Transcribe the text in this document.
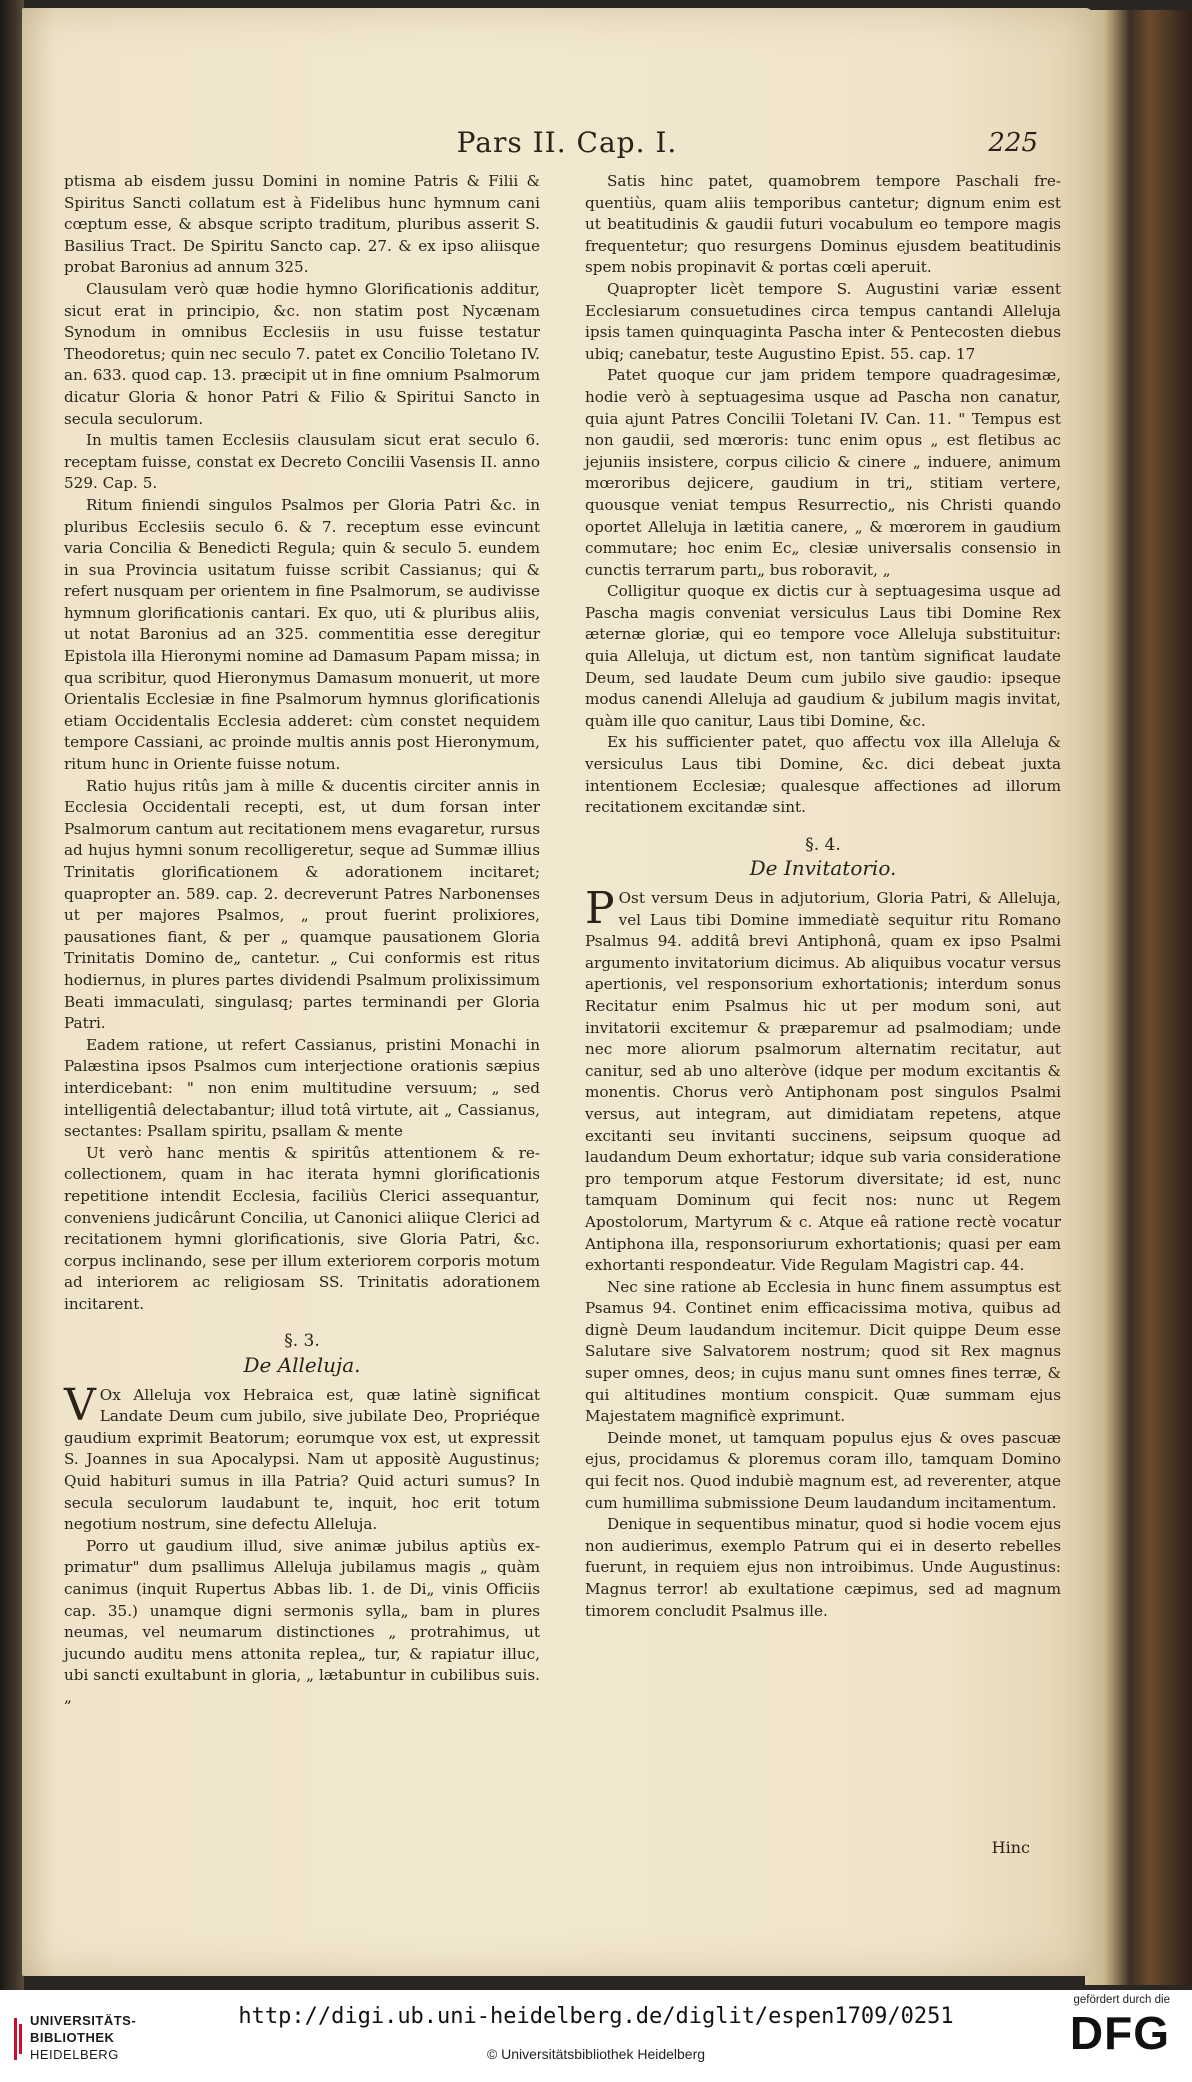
Pars II. Cap. I.	225

ptisma ab eisdem jussu Domini in nomine Patris & Filii & Spiritus Sancti collatum est à Fidelibus hunc hymnum cani cœptum esse, & absque scripto traditum, pluribus asserit S. Basilius Tract. De Spiritu Sancto cap. 27. & ex ipso aliisque probat Baronius ad annum 325.

Clausulam verò quæ hodie hymno Glorificationis additur, sicut erat in principio, &c. non statim post Nycænam Synodum in omnibus Ecclesiis in usu fuisse testatur Theodoretus; quin nec seculo 7. patet ex Concilio Toletano IV. an. 633. quod cap. 13. præcipit ut in fine omnium Psalmorum dicatur Gloria & honor Patri & Filio & Spiritui Sancto in secula seculorum.

In multis tamen Ecclesiis clausulam sicut erat seculo 6. receptam fuisse, constat ex Decreto Concilii Vasensis II. anno 529. Cap. 5.

Ritum finiendi singulos Psalmos per Gloria Patri &c. in pluribus Ecclesiis seculo 6. & 7. receptum esse evincunt varia Concilia & Benedicti Regula; quin & seculo 5. eundem in sua Provincia usitatum fuisse scribit Cassianus; qui & refert nusquam per orientem in fine Psalmorum, se audivisse hymnum glorificationis cantari. Ex quo, uti & pluribus aliis, ut notat Baronius ad an 325. commentitia esse deregitur Epistola illa Hieronymi nomine ad Damasum Papam missa; in qua scribitur, quod Hieronymus Damasum monuerit, ut more Orientalis Ecclesiæ in fine Psalmorum hymnus glorificationis etiam Occidentalis Ecclesia adderet: cùm constet nequidem tempore Cassiani, ac proinde multis annis post Hieronymum, ritum hunc in Oriente fuisse notum.

Ratio hujus ritûs jam à mille & ducentis circiter annis in Ecclesia Occidentali recepti, est, ut dum forsan inter Psalmorum cantum aut recitationem mens evagaretur, rursus ad hujus hymni sonum recolligeretur, seque ad Summæ illius Trinitatis glorificationem & adorationem incitaret; quapropter an. 589. cap. 2. decreverunt Patres Narbonenses ut per majores Psalmos, „ prout fuerint prolixiores, pausationes fiant, & per „ quamque pausationem Gloria Trinitatis Domino de„ cantetur. „ Cui conformis est ritus hodiernus, in plures partes dividendi Psalmum prolixissimum Beati immaculati, singulasq; partes terminandi per Gloria Patri.

Eadem ratione, ut refert Cassianus, pristini Monachi in Palæstina ipsos Psalmos cum interjectione orationis sæpius interdicebant: " non enim multitudine versuum; „ sed intelligentiâ delectabantur; illud totâ virtute, ait „ Cassianus, sectantes: Psallam spiritu, psallam & mente

Ut verò hanc mentis & spiritûs attentionem & recollectionem, quam in hac iterata hymni glorificationis repetitione intendit Ecclesia, faciliùs Clerici assequantur, conveniens judicârunt Concilia, ut Canonici aliique Clerici ad recitationem hymni glorificationis, sive Gloria Patri, &c. corpus inclinando, sese per illum exteriorem corporis motum ad interiorem ac religiosam SS. Trinitatis adorationem incitarent.

§. 3.
De Alleluja.

V Ox Alleluja vox Hebraica est, quæ latinè significat Landate Deum cum jubilo, sive jubilate Deo, Propriéque gaudium exprimit Beatorum; eorumque vox est, ut expressit S. Joannes in sua Apocalypsi. Nam ut appositè Augustinus; Quid habituri sumus in illa Patria? Quid acturi sumus? In secula seculorum laudabunt te, inquit, hoc erit totum negotium nostrum, sine defectu Alleluja.

Porro ut gaudium illud, sive animæ jubilus aptiùs exprimatur" dum psallimus Alleluja jubilamus magis „ quàm canimus (inquit Rupertus Abbas lib. 1. de Di„ vinis Officiis cap. 35.) unamque digni sermonis sylla„ bam in plures neumas, vel neumarum distinctiones „ protrahimus, ut jucundo auditu mens attonita replea„ tur, & rapiatur illuc, ubi sancti exultabunt in gloria, „ lætabuntur in cubilibus suis. „

Satis hinc patet, quamobrem tempore Paschali frequentiùs, quam aliis temporibus cantetur; dignum enim est ut beatitudinis & gaudii futuri vocabulum eo tempore magis frequentetur; quo resurgens Dominus ejusdem beatitudinis spem nobis propinavit & portas cœli aperuit.

Quapropter licèt tempore S. Augustini variæ essent Ecclesiarum consuetudines circa tempus cantandi Alleluja ipsis tamen quinquaginta Pascha inter & Pentecosten diebus ubiq; canebatur, teste Augustino Epist. 55. cap. 17

Patet quoque cur jam pridem tempore quadragesimæ, hodie verò à septuagesima usque ad Pascha non canatur, quia ajunt Patres Concilii Toletani IV. Can. 11. " Tempus est non gaudii, sed mœroris: tunc enim opus „ est fletibus ac jejuniis insistere, corpus cilicio & cinere „ induere, animum mœroribus dejicere, gaudium in tri„ stitiam vertere, quousque veniat tempus Resurrectio„ nis Christi quando oportet Alleluja in lætitia canere, „ & mœrorem in gaudium commutare; hoc enim Ec„ clesiæ universalis consensio in cunctis terrarum partı„ bus roboravit, „

Colligitur quoque ex dictis cur à septuagesima usque ad Pascha magis conveniat versiculus Laus tibi Domine Rex æternæ gloriæ, qui eo tempore voce Alleluja substituitur: quia Alleluja, ut dictum est, non tantùm significat laudate Deum, sed laudate Deum cum jubilo sive gaudio: ipseque modus canendi Alleluja ad gaudium & jubilum magis invitat, quàm ille quo canitur, Laus tibi Domine, &c.

Ex his sufficienter patet, quo affectu vox illa Alleluja & versiculus Laus tibi Domine, &c. dici debeat juxta intentionem Ecclesiæ; qualesque affectiones ad illorum recitationem excitandæ sint.

§. 4.
De Invitatorio.

P Ost versum Deus in adjutorium, Gloria Patri, & Alleluja, vel Laus tibi Domine immediatè sequitur ritu Romano Psalmus 94. additâ brevi Antiphonâ, quam ex ipso Psalmi argumento invitatorium dicimus. Ab aliquibus vocatur versus apertionis, vel responsorium exhortationis; interdum sonus Recitatur enim Psalmus hic ut per modum soni, aut invitatorii excitemur & præparemur ad psalmodiam; unde nec more aliorum psalmorum alternatim recitatur, aut canitur, sed ab uno alteròve (idque per modum excitantis & monentis. Chorus verò Antiphonam post singulos Psalmi versus, aut integram, aut dimidiatam repetens, atque excitanti seu invitanti succinens, seipsum quoque ad laudandum Deum exhortatur; idque sub varia consideratione pro temporum atque Festorum diversitate; id est, nunc tamquam Dominum qui fecit nos: nunc ut Regem Apostolorum, Martyrum & c. Atque eâ ratione rectè vocatur Antiphona illa, responsoriurum exhortationis; quasi per eam exhortanti respondeatur. Vide Regulam Magistri cap. 44.

Nec sine ratione ab Ecclesia in hunc finem assumptus est Psamus 94. Continet enim efficacissima motiva, quibus ad dignè Deum laudandum incitemur. Dicit quippe Deum esse Salutare sive Salvatorem nostrum; quod sit Rex magnus super omnes, deos; in cujus manu sunt omnes fines terræ, & qui altitudines montium conspicit. Quæ summam ejus Majestatem magnificè exprimunt.

Deinde monet, ut tamquam populus ejus & oves pascuæ ejus, procidamus & ploremus coram illo, tamquam Domino qui fecit nos. Quod indubiè magnum est, ad reverenter, atque cum humillima submissione Deum laudandum incitamentum.

Denique in sequentibus minatur, quod si hodie vocem ejus non audierimus, exemplo Patrum qui ei in deserto rebelles fuerunt, in requiem ejus non introibimus. Unde Augustinus: Magnus terror! ab exultatione cæpimus, sed ad magnum timorem concludit Psalmus ille.

Hinc
UNIVERSITÄTS-
BIBLIOTHEK
HEIDELBERG
http://digi.ub.uni-heidelberg.de/diglit/espen1709/0251
© Universitätsbibliothek Heidelberg
gefördert durch die
DFG
